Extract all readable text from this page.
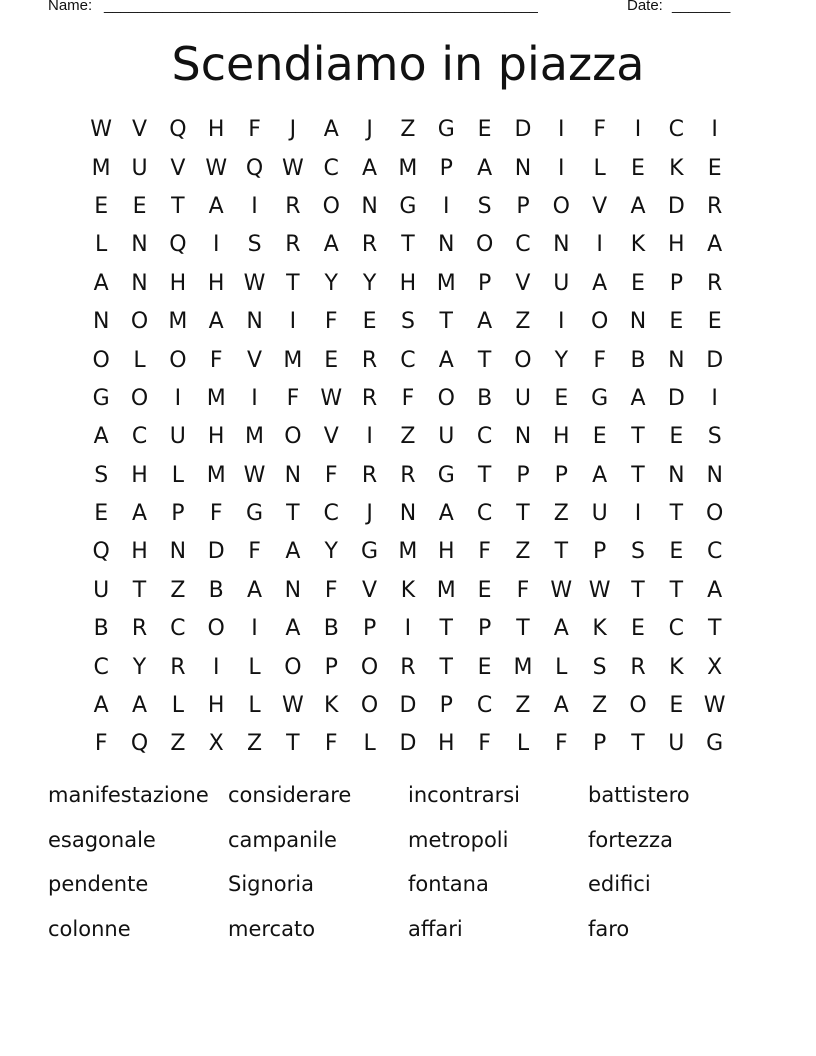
Name: ____________________________________________________	Date: _______
Scendiamo in piazza
W V	Q H	F	J	A	J	Z	G	E	D	I	F	I	C	I
M U	V W Q W C	A M	P	A	N	I	L	E	K	E
E	E	T	A	I	R	O N G	I	S	P	O	V	A	D	R
L	N Q	I	S	R	A	R	T	N O	C	N	I	K	H	A
A	N H H W T	Y	Y	H M	P	V	U	A	E	P	R
N O M A	N	I	F	E	S	T	A	Z	I	O N	E	E
O	L	O	F	V M E	R	C	A	T	O	Y	F	B	N D
G O	I	M	I	F W R	F	O	B	U	E	G	A	D	I
A	C	U	H M O	V	I	Z	U	C	N H	E	T	E	S
S	H	L	M W N	F	R	R	G	T	P	P	A	T	N N
E	A	P	F	G	T	C	J	N	A	C	T	Z	U	I	T	O
Q H N D	F	A	Y	G M H	F	Z	T	P	S	E	C
U	T	Z	B	A	N	F	V	K M E	F W W T	T	A
B	R	C O	I	A	B	P	I	T	P	T	A	K	E	C	T
C	Y	R	I	L	O	P	O	R	T	E M	L	S	R	K	X
A	A	L	H	L W K	O D	P	C	Z	A	Z	O	E W
F	Q	Z	X	Z	T	F	L	D H	F	L	F	P	T	U G
manifestazione considerare	incontrarsi	battistero
esagonale	campanile	metropoli	fortezza
pendente	Signoria	fontana	edifici
colonne	mercato	affari	faro
